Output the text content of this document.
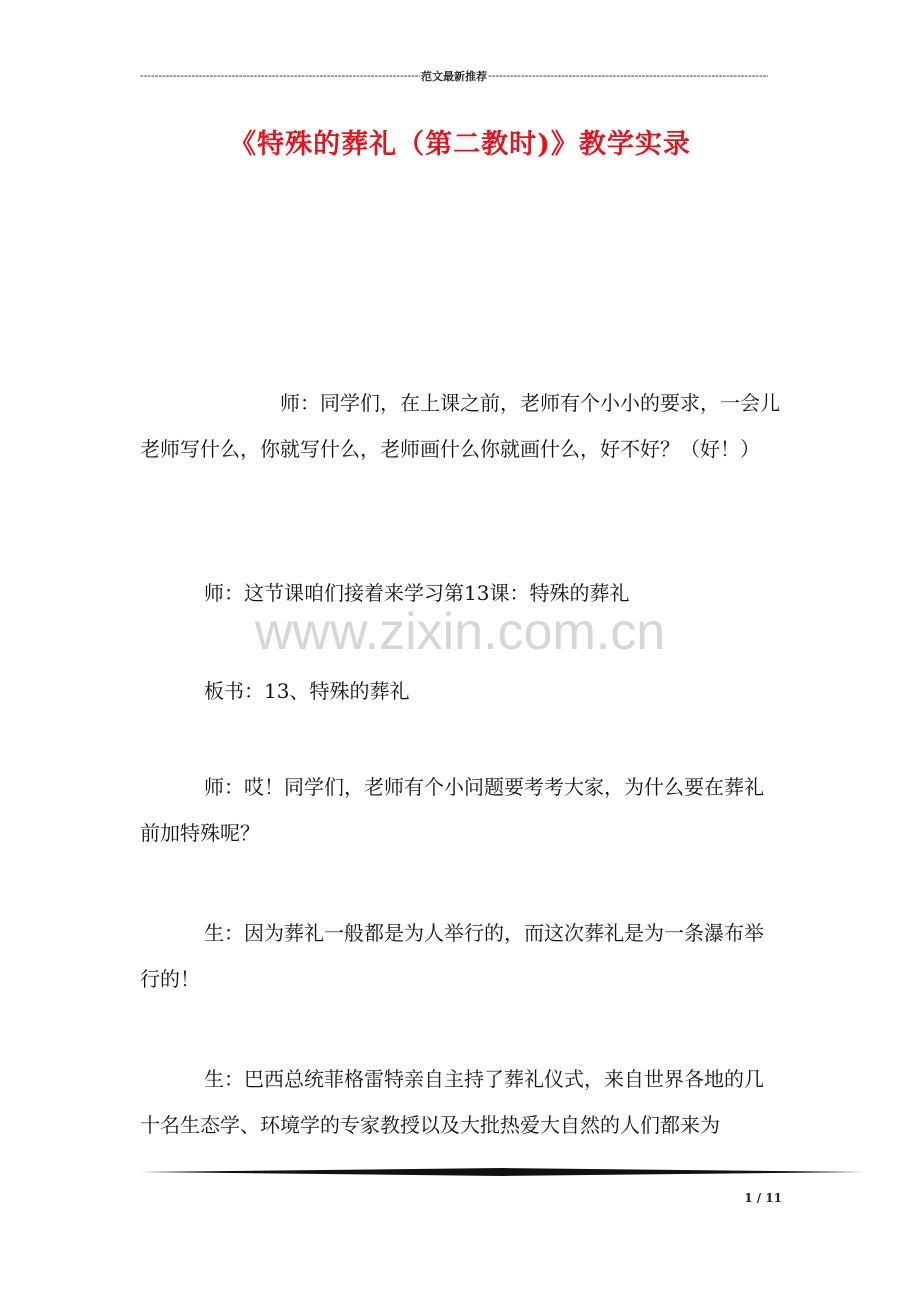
-----
范文最新推荐
-----
《特殊的葬礼（第二教时)》教学实录

师：同学们，在上课之前，老师有个小小的要求，一会儿老师写什么，你就写什么，老师画什么你就画什么，好不好？（好！）

师：这节课咱们接着来学习第13课：特殊的葬礼

www.zixin.com.cn

板书：13、特殊的葬礼

师：哎！同学们，老师有个小问题要考考大家，为什么要在葬礼前加特殊呢？

生：因为葬礼一般都是为人举行的，而这次葬礼是为一条瀑布举行的！

生：巴西总统菲格雷特亲自主持了葬礼仪式，来自世界各地的几十名生态学、环境学的专家教授以及大批热爱大自然的人们都来为

1 / 11
